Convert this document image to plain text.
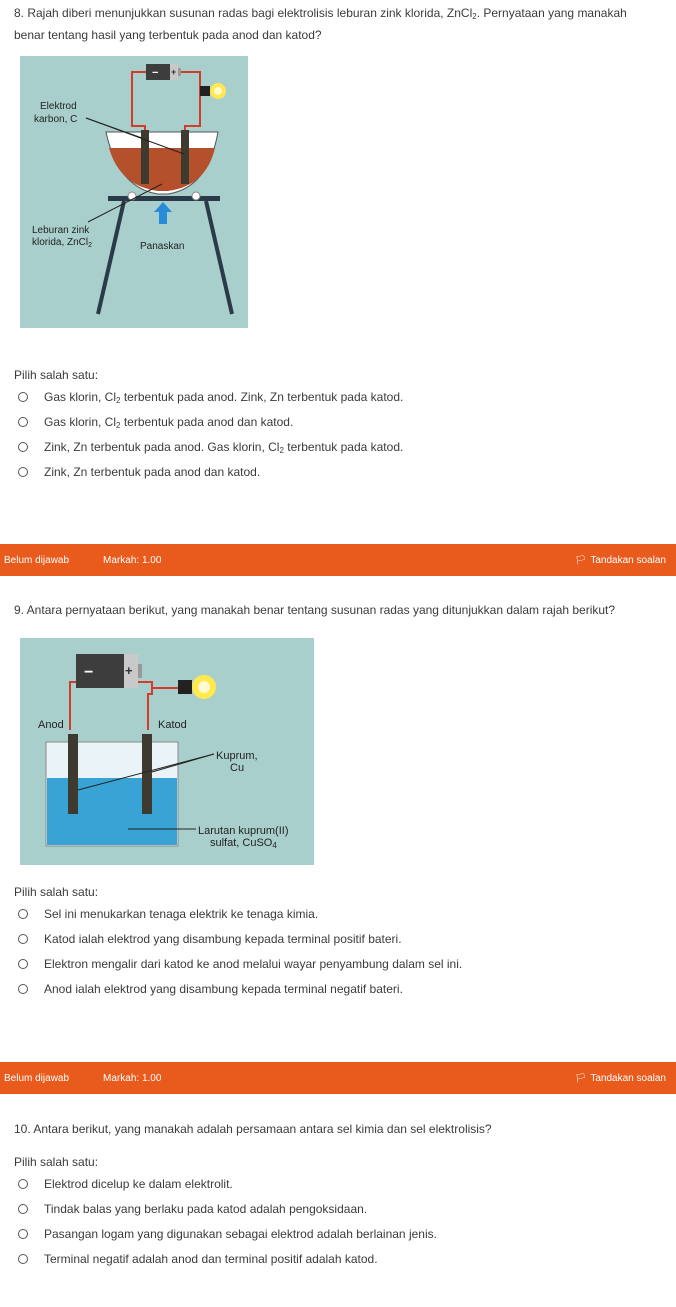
8. Rajah diberi menunjukkan susunan radas bagi elektrolisis leburan zink klorida, ZnCl$_2$. Pernyataan yang manakah
benar tentang hasil yang terbentuk pada anod dan katod?
− +
Elektrod
karbon, C
Leburan zink
klorida, ZnCl$_2$	Panaskan
Pilih salah satu:
Gas klorin, $Cl_2$ terbentuk pada anod. Zink, Zn terbentuk pada katod.
Gas klorin, $Cl_2$ terbentuk pada anod dan katod.
Zink, Zn terbentuk pada anod. Gas klorin, $Cl_2$ terbentuk pada katod.
Zink, Zn terbentuk pada anod dan katod.
Belum dijawab	Markah: 1.00	🏳 Tandakan soalan
9. Antara pernyataan berikut, yang manakah benar tentang susunan radas yang ditunjukkan dalam rajah berikut?
− +
Anod	Katod
Kuprum,
Cu
Larutan kuprum(II)
sulfat, CuSO4
Pilih salah satu:
Sel ini menukarkan tenaga elektrik ke tenaga kimia.
Katod ialah elektrod yang disambung kepada terminal positif bateri.
Elektron mengalir dari katod ke anod melalui wayar penyambung dalam sel ini.
Anod ialah elektrod yang disambung kepada terminal negatif bateri.
Belum dijawab	Markah: 1.00	🏳 Tandakan soalan
10. Antara berikut, yang manakah adalah persamaan antara sel kimia dan sel elektrolisis?
Pilih salah satu:
Elektrod dicelup ke dalam elektrolit.
Tindak balas yang berlaku pada katod adalah pengoksidaan.
Pasangan logam yang digunakan sebagai elektrod adalah berlainan jenis.
Terminal negatif adalah anod dan terminal positif adalah katod.
